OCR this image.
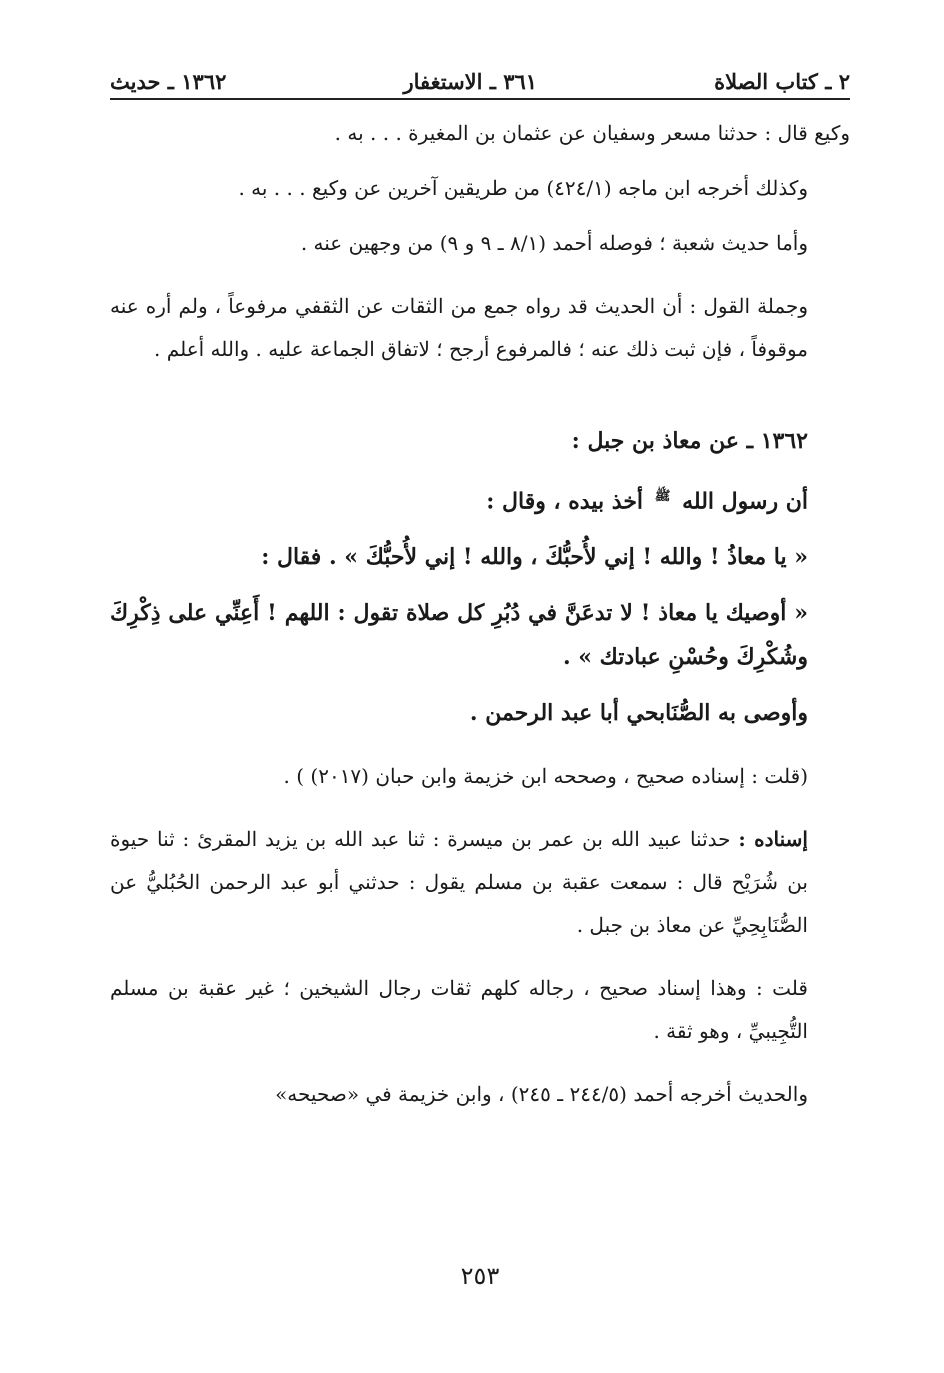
٢ ـ كتاب الصلاة
٣٦١ ـ الاستغفار
١٣٦٢ ـ حديث

وكيع قال : حدثنا مسعر وسفيان عن عثمان بن المغيرة . . . به .

وكذلك أخرجه ابن ماجه (٤٢٤/١) من طريقين آخرين عن وكيع . . . به .

وأما حديث شعبة ؛ فوصله أحمد (٨/١ ـ ٩ و ٩) من وجهين عنه .

وجملة القول : أن الحديث قد رواه جمع من الثقات عن الثقفي مرفوعاً ، ولم أره عنه موقوفاً ، فإن ثبت ذلك عنه ؛ فالمرفوع أرجح ؛ لاتفاق الجماعة عليه . والله أعلم .

١٣٦٢ ـ عن معاذ بن جبل :

أن رسول الله $^ﷺ$ أخذ بيده ، وقال :

« يا معاذُ ! والله ! إني لأُحبُّكَ ، والله ! إني لأُحبُّكَ » . فقال :

« أوصيك يا معاذ ! لا تدعَنَّ في دُبُرِ كل صلاة تقول : اللهم ! أَعِنِّي على ذِكْرِكَ وشُكْرِكَ وحُسْنِ عبادتك » .

وأوصى به الصُّنَابحي أبا عبد الرحمن .

(قلت : إسناده صحيح ، وصححه ابن خزيمة وابن حبان (٢٠١٧) ) .

إسناده : حدثنا عبيد الله بن عمر بن ميسرة : ثنا عبد الله بن يزيد المقرئ : ثنا حيوة بن شُرَيْح قال : سمعت عقبة بن مسلم يقول : حدثني أبو عبد الرحمن الحُبُليُّ عن الصُّنَابِحِيِّ عن معاذ بن جبل .

قلت : وهذا إسناد صحيح ، رجاله كلهم ثقات رجال الشيخين ؛ غير عقبة بن مسلم التُّجِيبيِّ ، وهو ثقة .

والحديث أخرجه أحمد (٢٤٤/٥ ـ ٢٤٥) ، وابن خزيمة في «صحيحه»

٢٥٣
